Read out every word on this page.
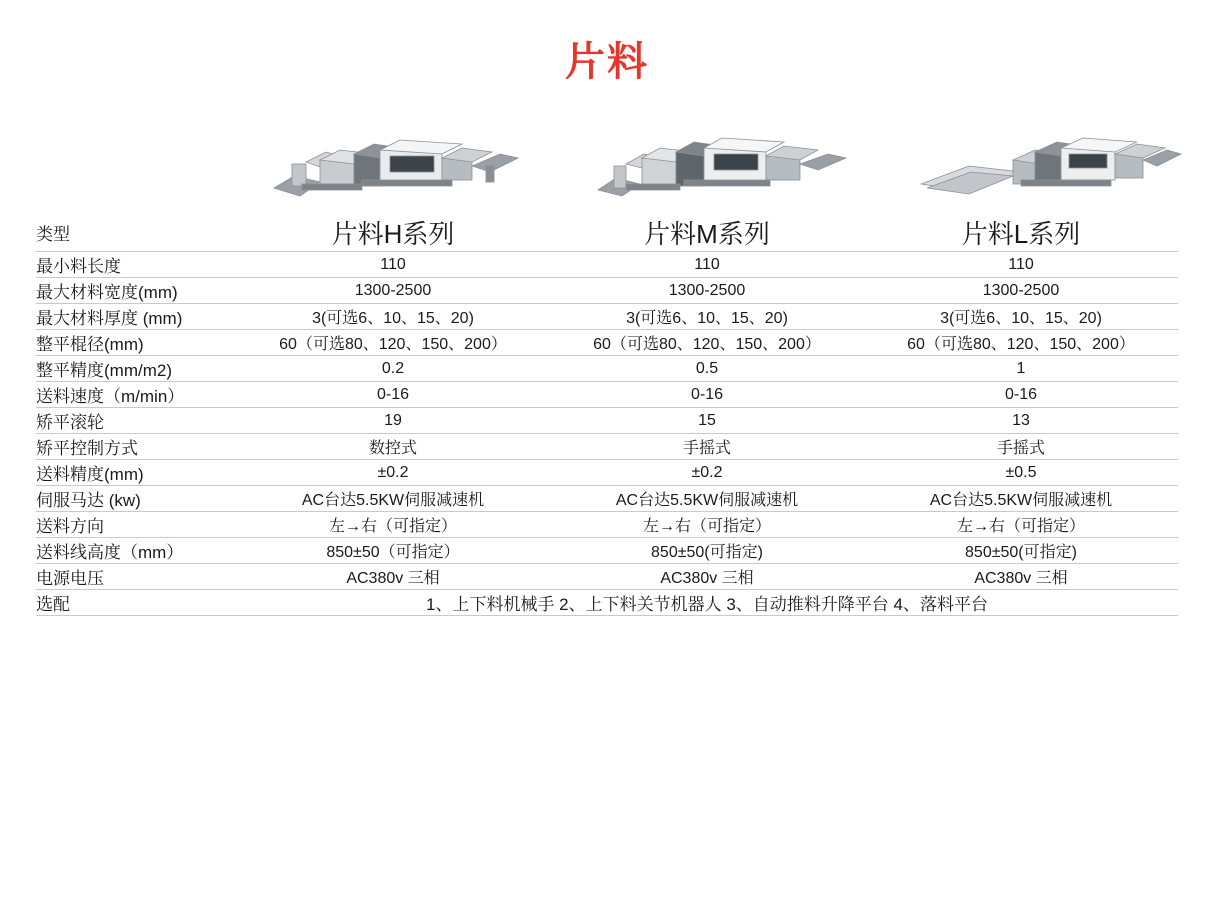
片料
类型	片料H系列	片料M系列	片料L系列
最小料长度	110	110	110
最大材料宽度(mm)	1300-2500	1300-2500	1300-2500
最大材料厚度 (mm)	3(可选6、10、15、20)	3(可选6、10、15、20)	3(可选6、10、15、20)
整平棍径(mm)	60（可选80、120、150、200）	60（可选80、120、150、200）	60（可选80、120、150、200）
整平精度(mm/m2)	0.2	0.5	1
送料速度（m/min）	0-16	0-16	0-16
矫平滚轮	19	15	13
矫平控制方式	数控式	手摇式	手摇式
送料精度(mm)	±0.2	±0.2	±0.5
伺服马达 (kw)	AC台达5.5KW伺服减速机	AC台达5.5KW伺服减速机	AC台达5.5KW伺服减速机
送料方向	左→右（可指定）	左→右（可指定）	左→右（可指定）
送料线高度（mm）	850±50（可指定）	850±50(可指定)	850±50(可指定)
电源电压	AC380v 三相	AC380v 三相	AC380v 三相
选配	1、上下料机械手 2、上下料关节机器人 3、自动推料升降平台 4、落料平台		
